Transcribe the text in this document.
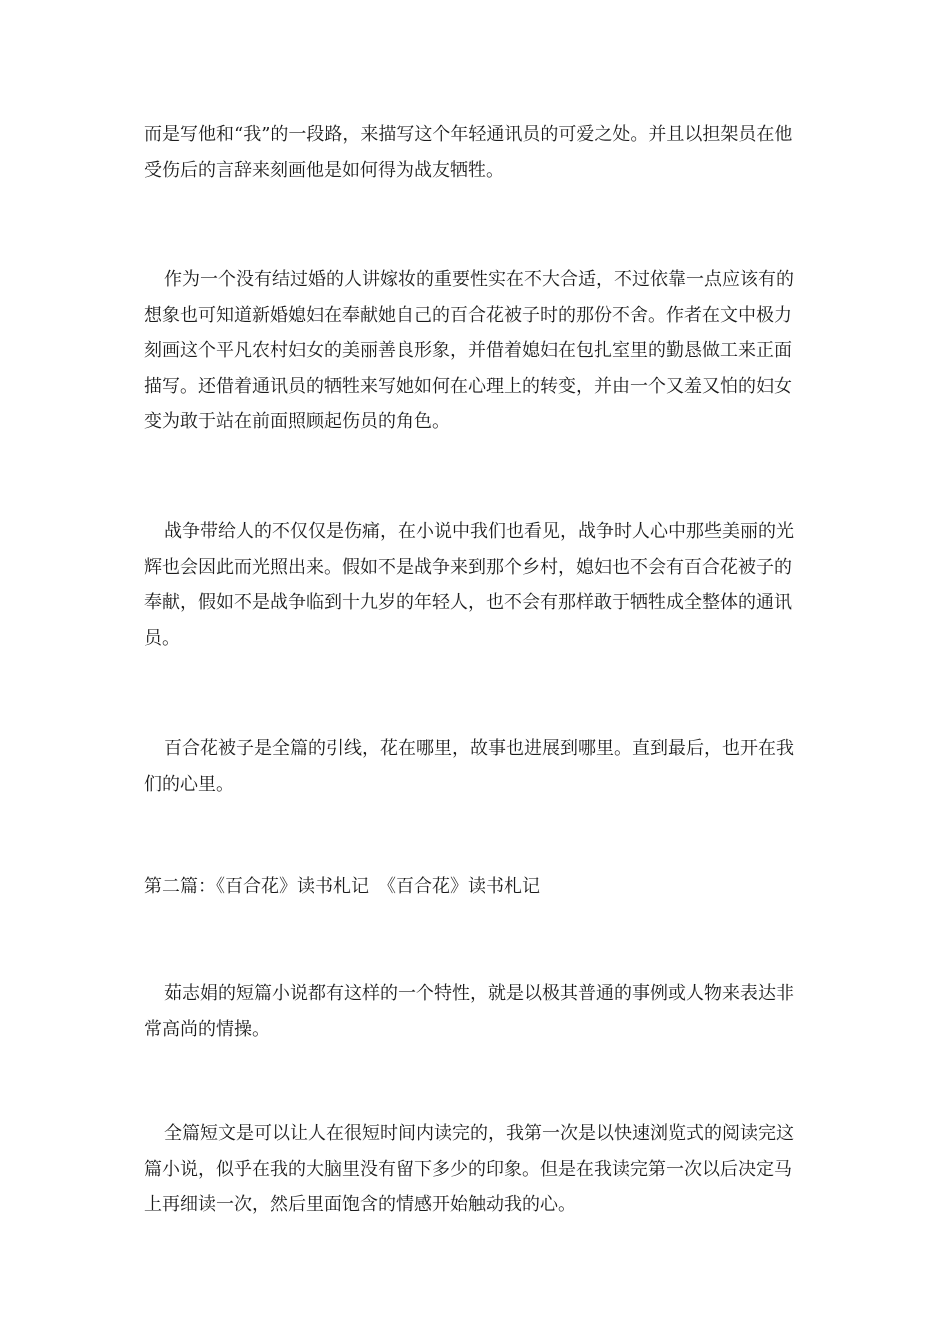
而是写他和“我”的一段路，来描写这个年轻通讯员的可爱之处。并且以担架员在他受伤后的言辞来刻画他是如何得为战友牺牲。

作为一个没有结过婚的人讲嫁妆的重要性实在不大合适，不过依靠一点应该有的想象也可知道新婚媳妇在奉献她自己的百合花被子时的那份不舍。作者在文中极力刻画这个平凡农村妇女的美丽善良形象，并借着媳妇在包扎室里的勤恳做工来正面描写。还借着通讯员的牺牲来写她如何在心理上的转变，并由一个又羞又怕的妇女变为敢于站在前面照顾起伤员的角色。

战争带给人的不仅仅是伤痛，在小说中我们也看见，战争时人心中那些美丽的光辉也会因此而光照出来。假如不是战争来到那个乡村，媳妇也不会有百合花被子的奉献，假如不是战争临到十九岁的年轻人，也不会有那样敢于牺牲成全整体的通讯员。

百合花被子是全篇的引线，花在哪里，故事也进展到哪里。直到最后，也开在我们的心里。

第二篇：《百合花》读书札记　《百合花》读书札记

茹志娟的短篇小说都有这样的一个特性，就是以极其普通的事例或人物来表达非常高尚的情操。

全篇短文是可以让人在很短时间内读完的，我第一次是以快速浏览式的阅读完这篇小说，似乎在我的大脑里没有留下多少的印象。但是在我读完第一次以后决定马上再细读一次，然后里面饱含的情感开始触动我的心。
